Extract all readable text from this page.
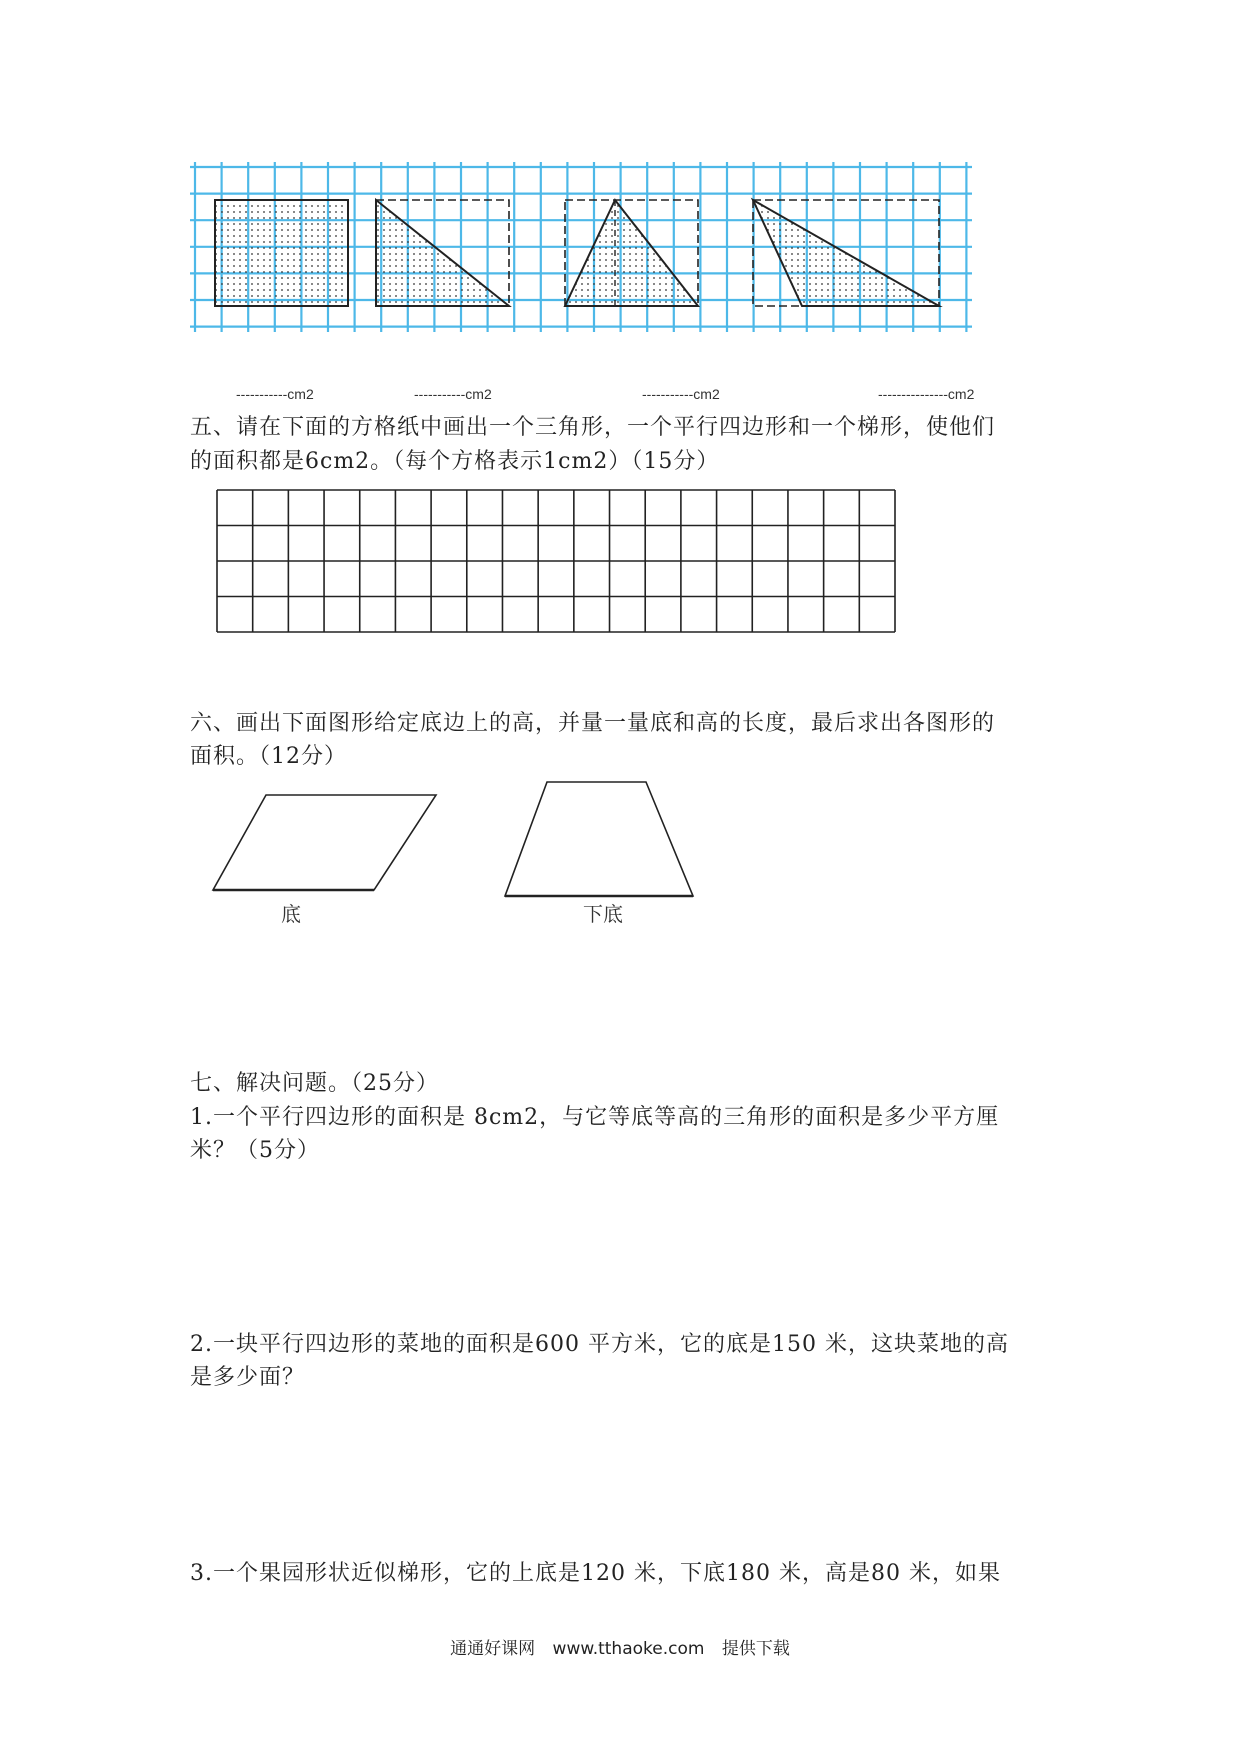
-----------cm2	-----------cm2	-----------cm2	---------------cm2
五、请在下面的方格纸中画出一个三角形，一个平行四边形和一个梯形，使他们
的面积都是6cm2。（每个方格表示1cm2）（15分）
六、画出下面图形给定底边上的高，并量一量底和高的长度，最后求出各图形的
面积。（12分）
底	下底
七、解决问题。（25分）
1.一个平行四边形的面积是 8cm2，与它等底等高的三角形的面积是多少平方厘
米？（5分）
2.一块平行四边形的菜地的面积是600 平方米，它的底是150 米，这块菜地的高
是多少面？
3.一个果园形状近似梯形，它的上底是120 米，下底180 米，高是80 米，如果
通通好课网 www.tthaoke.com 提供下载
